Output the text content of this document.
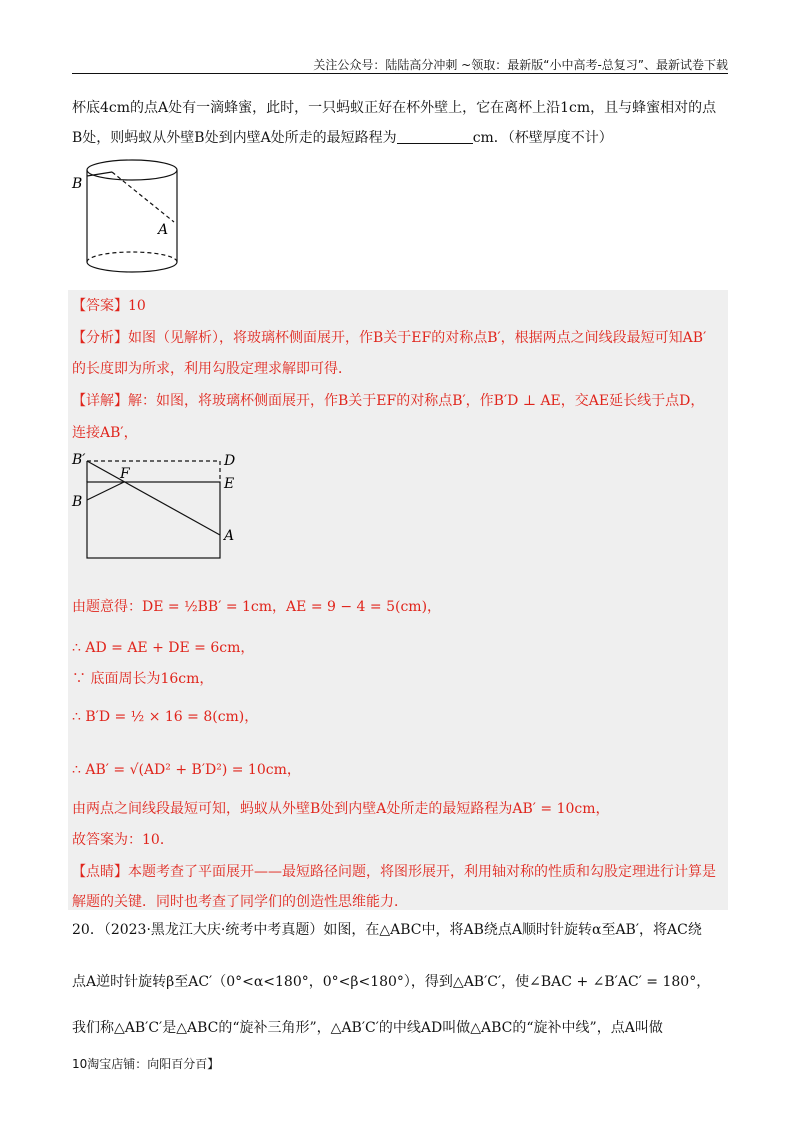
关注公众号：陆陆高分冲刺 ~领取：最新版“小中高考-总复习”、最新试卷下载
杯底4cm的点A处有一滴蜂蜜，此时，一只蚂蚁正好在杯外壁上，它在离杯上沿1cm，且与蜂蜜相对的点
B处，则蚂蚁从外壁B处到内壁A处所走的最短路程为	cm．（杯壁厚度不计）
B
A
【答案】10
【分析】如图（见解析），将玻璃杯侧面展开，作B关于EF的对称点B′，根据两点之间线段最短可知AB′
的长度即为所求，利用勾股定理求解即可得．
【详解】解：如图，将玻璃杯侧面展开，作B关于EF的对称点B′，作B′D ⊥ AE，交AE延长线于点D，
连接AB′，
B′	D
F
E
B
A
由题意得：DE = ½BB′ = 1cm，AE = 9 − 4 = 5(cm)，
∴ AD = AE + DE = 6cm，
∵ 底面周长为16cm，
∴ B′D = ½ × 16 = 8(cm)，
∴ AB′ = √(AD² + B′D²) = 10cm，
由两点之间线段最短可知，蚂蚁从外壁B处到内壁A处所走的最短路程为AB′ = 10cm，
故答案为：10．
【点睛】本题考查了平面展开——最短路径问题，将图形展开，利用轴对称的性质和勾股定理进行计算是
解题的关键．同时也考查了同学们的创造性思维能力．
20．（2023·黑龙江大庆·统考中考真题）如图，在△ABC中，将AB绕点A顺时针旋转α至AB′，将AC绕
点A逆时针旋转β至AC′（0°<α<180°，0°<β<180°），得到△AB′C′，使∠BAC + ∠B′AC′ = 180°，
我们称△AB′C′是△ABC的“旋补三角形”，△AB′C′的中线AD叫做△ABC的“旋补中线”，点A叫做
10淘宝店铺：向阳百分百】
